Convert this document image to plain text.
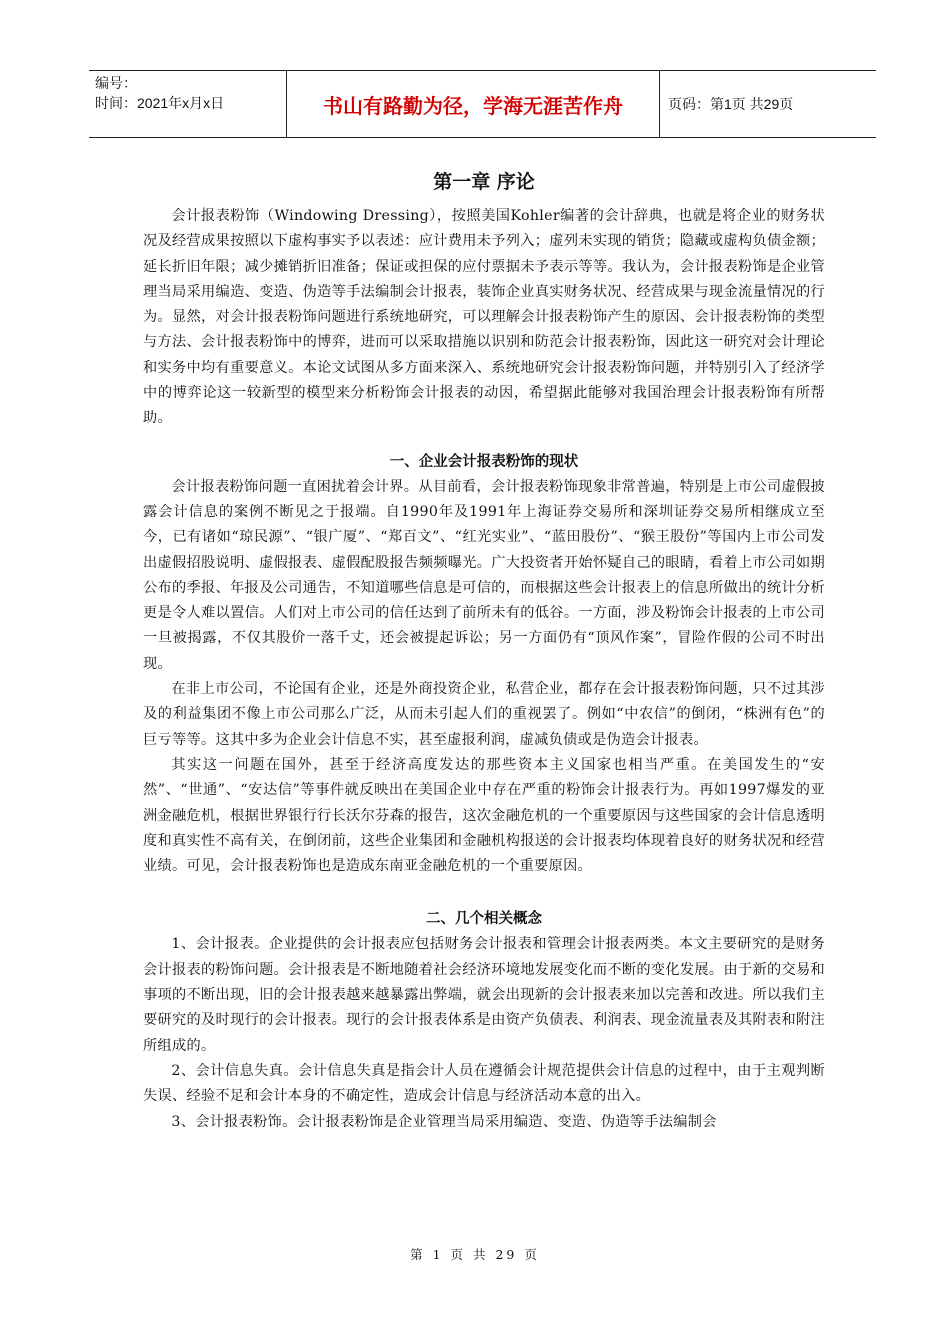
编号：
时间：2021年x月x日	书山有路勤为径，学海无涯苦作舟	页码：第1页 共29页
第一章 序论

会计报表粉饰（Windowing Dressing），按照美国Kohler编著的会计辞典，也就是将企业的财务状况及经营成果按照以下虚构事实予以表述：应计费用未予列入；虚列未实现的销货；隐藏或虚构负债金额；延长折旧年限；减少摊销折旧准备；保证或担保的应付票据未予表示等等。我认为，会计报表粉饰是企业管理当局采用编造、变造、伪造等手法编制会计报表，装饰企业真实财务状况、经营成果与现金流量情况的行为。显然，对会计报表粉饰问题进行系统地研究，可以理解会计报表粉饰产生的原因、会计报表粉饰的类型与方法、会计报表粉饰中的博弈，进而可以采取措施以识别和防范会计报表粉饰，因此这一研究对会计理论和实务中均有重要意义。本论文试图从多方面来深入、系统地研究会计报表粉饰问题，并特别引入了经济学中的博弈论这一较新型的模型来分析粉饰会计报表的动因，希望据此能够对我国治理会计报表粉饰有所帮助。

一、企业会计报表粉饰的现状

会计报表粉饰问题一直困扰着会计界。从目前看，会计报表粉饰现象非常普遍，特别是上市公司虚假披露会计信息的案例不断见之于报端。自1990年及1991年上海证券交易所和深圳证券交易所相继成立至今，已有诸如“琼民源”、“银广厦”、“郑百文”、“红光实业”、“蓝田股份”、“猴王股份”等国内上市公司发出虚假招股说明、虚假报表、虚假配股报告频频曝光。广大投资者开始怀疑自己的眼睛，看着上市公司如期公布的季报、年报及公司通告，不知道哪些信息是可信的，而根据这些会计报表上的信息所做出的统计分析更是令人难以置信。人们对上市公司的信任达到了前所未有的低谷。一方面，涉及粉饰会计报表的上市公司一旦被揭露，不仅其股价一落千丈，还会被提起诉讼；另一方面仍有“顶风作案”，冒险作假的公司不时出现。

在非上市公司，不论国有企业，还是外商投资企业，私营企业，都存在会计报表粉饰问题，只不过其涉及的利益集团不像上市公司那么广泛，从而未引起人们的重视罢了。例如“中农信”的倒闭，“株洲有色”的巨亏等等。这其中多为企业会计信息不实，甚至虚报利润，虚减负债或是伪造会计报表。

其实这一问题在国外，甚至于经济高度发达的那些资本主义国家也相当严重。在美国发生的“安然”、“世通”、“安达信”等事件就反映出在美国企业中存在严重的粉饰会计报表行为。再如1997爆发的亚洲金融危机，根据世界银行行长沃尔芬森的报告，这次金融危机的一个重要原因与这些国家的会计信息透明度和真实性不高有关，在倒闭前，这些企业集团和金融机构报送的会计报表均体现着良好的财务状况和经营业绩。可见，会计报表粉饰也是造成东南亚金融危机的一个重要原因。

二、几个相关概念

1、会计报表。企业提供的会计报表应包括财务会计报表和管理会计报表两类。本文主要研究的是财务会计报表的粉饰问题。会计报表是不断地随着社会经济环境地发展变化而不断的变化发展。由于新的交易和事项的不断出现，旧的会计报表越来越暴露出弊端，就会出现新的会计报表来加以完善和改进。所以我们主要研究的及时现行的会计报表。现行的会计报表体系是由资产负债表、利润表、现金流量表及其附表和附注所组成的。

2、会计信息失真。会计信息失真是指会计人员在遵循会计规范提供会计信息的过程中，由于主观判断失误、经验不足和会计本身的不确定性，造成会计信息与经济活动本意的出入。

3、会计报表粉饰。会计报表粉饰是企业管理当局采用编造、变造、伪造等手法编制会

第 1 页 共 29 页
